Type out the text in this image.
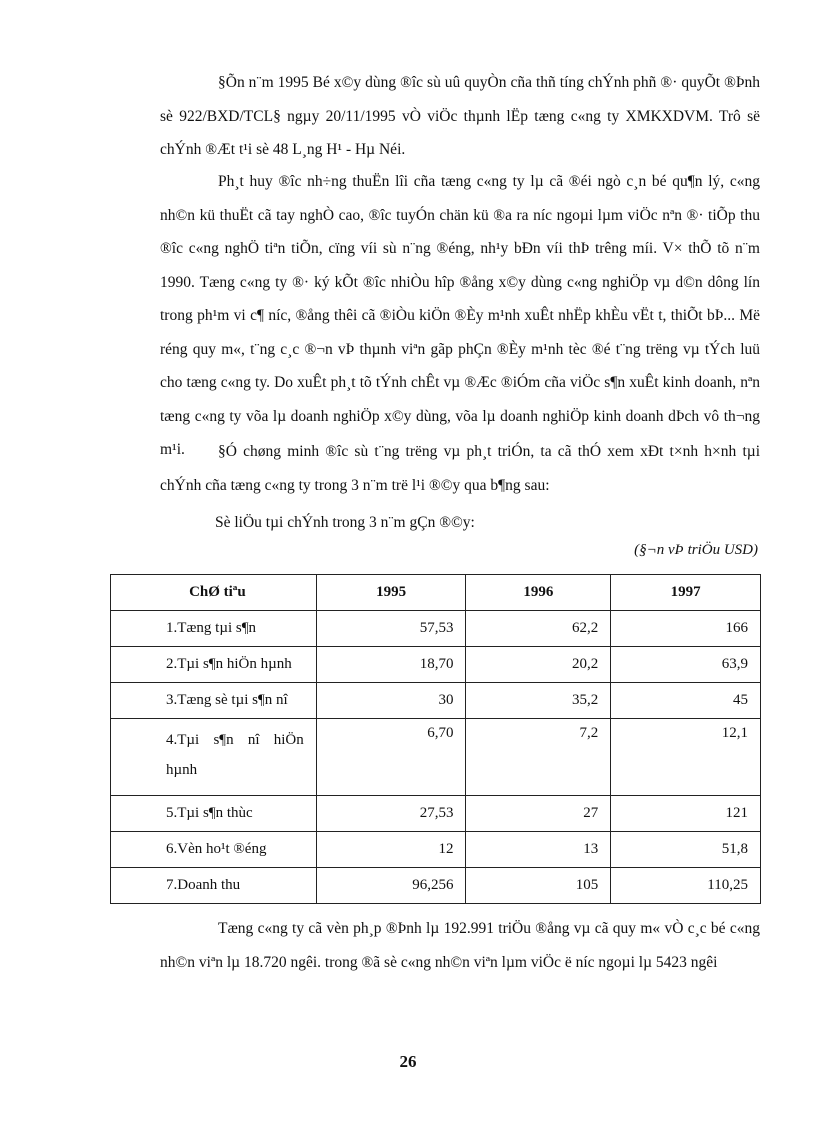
§Õn n¨m 1995 Bé x©y dùng ®îc sù uû quyÒn cña thñ tíng chÝnh phñ ®· quyÕt ®Þnh sè 922/BXD/TCL§ ngµy 20/11/1995 vÒ viÖc thµnh lËp tæng c«ng ty XMKXDVM. Trô së chÝnh ®Æt t¹i sè 48 L¸ng H¹ - Hµ Néi.

Ph¸t huy ®îc nh÷ng thuËn lîi cña tæng c«ng ty lµ cã ®éi ngò c¸n bé qu¶n lý, c«ng nh©n kü thuËt cã tay nghÒ cao, ®îc tuyÓn chän kü ®a ra níc ngoµi lµm viÖc nªn ®· tiÕp thu ®îc c«ng nghÖ tiªn tiÕn, cïng víi sù n¨ng ®éng, nh¹y bÐn víi thÞ trêng míi. V× thÕ tõ n¨m 1990. Tæng c«ng ty ®· ký kÕt ®îc nhiÒu hîp ®ång x©y dùng c«ng nghiÖp vµ d©n dông lín trong ph¹m vi c¶ níc, ®ång thêi cã ®iÒu kiÖn ®Èy m¹nh xuÊt nhËp khÈu vËt t, thiÕt bÞ... Më réng quy m«, t¨ng c¸c ®¬n vÞ thµnh viªn gãp phÇn ®Èy m¹nh tèc ®é t¨ng trëng vµ tÝch luü cho tæng c«ng ty. Do xuÊt ph¸t tõ tÝnh chÊt vµ ®Æc ®iÓm cña viÖc s¶n xuÊt kinh doanh, nªn tæng c«ng ty võa lµ doanh nghiÖp x©y dùng, võa lµ doanh nghiÖp kinh doanh dÞch vô th¬ng m¹i.	§Ó chøng minh ®îc sù t¨ng trëng vµ ph¸t triÓn, ta cã thÓ xem xÐt t×nh h×nh tµi chÝnh cña tæng c«ng ty trong 3 n¨m trë l¹i ®©y qua b¶ng sau:

Sè liÖu tµi chÝnh trong 3 n¨m gÇn ®©y:
(§¬n vÞ triÖu USD)
ChØ tiªu	1995	1996	1997
1.Tæng tµi s¶n	57,53	62,2	166
2.Tµi s¶n hiÖn hµnh	18,70	20,2	63,9
3.Tæng sè tµi s¶n nî	30	35,2	45

4.Tµi s¶n nî hiÖn hµnh	6,70	7,2	12,1
5.Tµi s¶n thùc	27,53	27	121
6.Vèn ho¹t ®éng	12	13	51,8
7.Doanh thu	96,256	105	110,25

Tæng c«ng ty cã vèn ph¸p ®Þnh lµ 192.991 triÖu ®ång vµ cã quy m« vÒ c¸c bé c«ng nh©n viªn lµ 18.720 ngêi. trong ®ã sè c«ng nh©n viªn lµm viÖc ë níc ngoµi lµ 5423 ngêi

26
